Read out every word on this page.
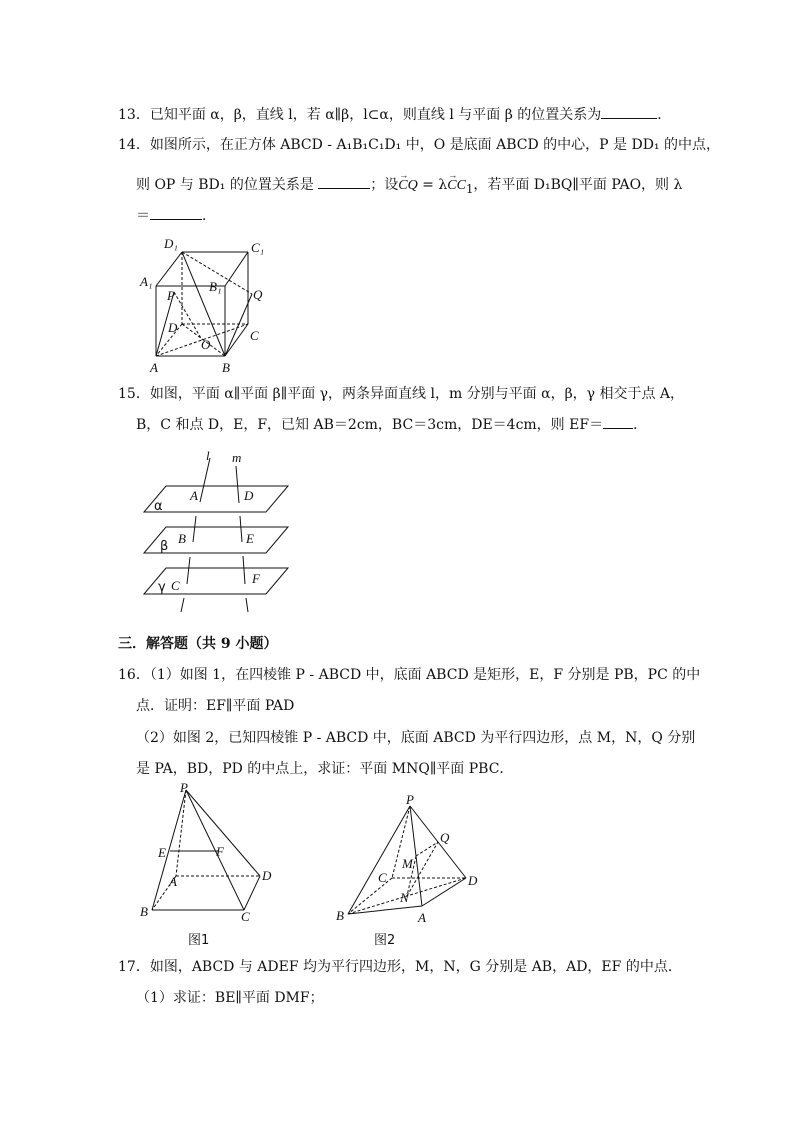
13．已知平面 α，β，直线 l，若 α∥β，l⊂α，则直线 l 与平面 β 的位置关系为	．
14．如图所示，在正方体 ABCD - A₁B₁C₁D₁ 中，O 是底面 ABCD 的中心，P 是 DD₁ 的中点，
则 OP 与 BD₁ 的位置关系是	；设→ CQ = $\lambda\to CC_1$，若平面 D₁BQ∥平面 PAO，则 λ
＝	．
D₁	C₁
A₁	B₁
P	Q
D
C
O
A	B
15．如图，平面 α∥平面 β∥平面 γ，两条异面直线 l，m 分别与平面 α，β，γ 相交于点 A，
B，C 和点 D，E，F，已知 AB＝2cm，BC＝3cm，DE＝4cm，则 EF＝ ．
l m
α
β
γ
A	D
B	E
C	F
三．解答题（共 9 小题）
16．（1）如图 1，在四棱锥 P - ABCD 中，底面 ABCD 是矩形，E，F 分别是 PB，PC 的中
点．证明：EF∥平面 PAD
（2）如图 2，已知四棱锥 P - ABCD 中，底面 ABCD 为平行四边形，点 M，N，Q 分别
是 PA，BD，PD 的中点上，求证：平面 MNQ∥平面 PBC．
P
E	F
A	D
B	C
图1
P
Q
M
C	D
N
B	A
图2
17．如图，ABCD 与 ADEF 均为平行四边形，M，N，G 分别是 AB，AD，EF 的中点．
（1）求证：BE∥平面 DMF；
